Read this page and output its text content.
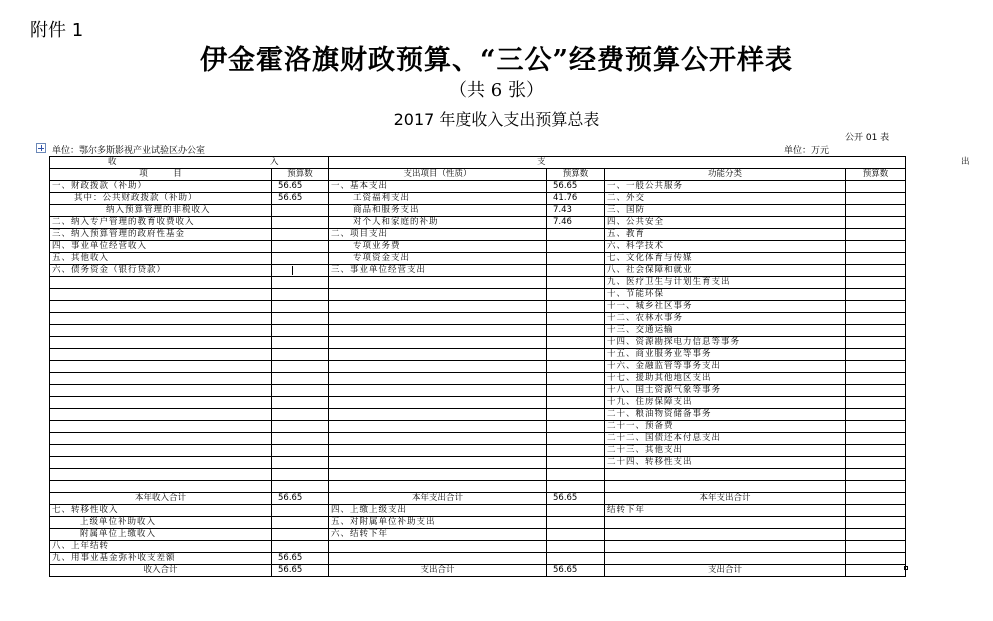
附件 1
伊金霍洛旗财政预算、“三公”经费预算公开样表
（共 6 张）
2017 年度收入支出预算总表
公开 01 表
单位：鄂尔多斯影视产业试验区办公室	单位：万元
收 入		支 出			

项　　　目	预算数	支出项目（性质）	预算数	功能分类	预算数
一、财政拨款（补助）	56.65	一、基本支出	56.65	一、一般公共服务	
其中：公共财政拨款（补助）	56.65	工资福利支出	41.76	二、外交	
纳入预算管理的非税收入		商品和服务支出	7.43	三、国防	
二、纳入专户管理的教育收费收入		对个人和家庭的补助	7.46	四、公共安全	
三、纳入预算管理的政府性基金		二、项目支出		五、教育	
四、事业单位经营收入		专项业务费		六、科学技术	
五、其他收入		专项资金支出		七、文化体育与传媒	
六、债务资金（银行贷款）		三、事业单位经营支出		八、社会保障和就业	
				九、医疗卫生与计划生育支出	
				十、节能环保	
				十一、城乡社区事务	
				十二、农林水事务	
				十三、交通运输	
				十四、资源勘探电力信息等事务	
				十五、商业服务业等事务	
				十六、金融监管等事务支出	
				十七、援助其他地区支出	
				十八、国土资源气象等事务	
				十九、住房保障支出	
				二十、粮油物资储备事务	
				二十一、预备费	
				二十二、国债还本付息支出	
				二十三、其他支出	
				二十四、转移性支出	

本年收入合计	56.65	本年支出合计	56.65	本年支出合计	
七、转移性收入		四、上缴上级支出		结转下年	
上级单位补助收入		五、对附属单位补助支出			
附属单位上缴收入		六、结转下年			
八、上年结转					
九、用事业基金弥补收支差额	56.65				
收入合计	56.65	支出合计	56.65	支出合计	
